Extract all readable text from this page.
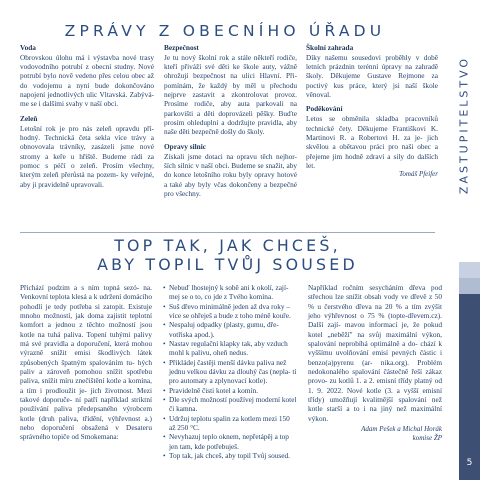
ZPRÁVY Z OBECNÍHO ÚŘADU

Voda

Obrovskou úlohu má i výstavba nové trasy vodovodního potrubí z obecní studny. Nové potrubí bylo nově vedeno přes celou obec až do vodojemu a nyní bude dokončováno napojení jednotlivých ulic Vltavská. Zabývá- me se i dalšími svahy v naší obci.

Zeleň

Letošní rok je pro nás zeleň opravdu pří- hodný. Technická četa sekla více trávy a obnovovala trávníky, zasázeli jsme nové stromy a keře u hřiště. Budeme rádi za pomoc s péčí o zeleň. Prosím všechny, kterým zeleň přerůstá na pozem- ky veřejné, aby ji pravidelně upravovali.

Bezpečnost

Je tu nový školní rok a stále někteří rodiče, kteří přiváží své děti ke škole auty, vážně ohrožují bezpečnost na ulici Hlavní. Při- pomínám, že každý by měl u přechodu nejprve zastavit a zkontrolovat provoz. Prosíme rodiče, aby auta parkovali na parkovišti a děti doprovázeli pěšky. Buďte prosím ohleduplní a dodržujte pravidla, aby naše děti bezpečně došly do školy.

Opravy silnic

Získali jsme dotaci na opravu těch nejhor- ších silnic v naší obci. Budeme se snažit, aby do konce letošního roku byly opravy hotové a také aby byly včas dokončeny a bezpečné pro všechny.

Školní zahrada

Díky našemu sousedovi proběhly v době letních prázdnin terénní úpravy na zahradě školy. Děkujeme Gustave Rejmone za poctivý kus práce, který jsi naší škole věnoval.

Poděkování

Letos se obměnila skladba pracovníků technické čety. Děkujeme Františkovi K. Martinovi R. a Robertovi H. za je- jich skvělou a obětavou práci pro naši obec a přejeme jim hodně zdraví a sily do dalších let.

Tomáš Pfeifer ZASTUPITELSTVO
5
TOP TAK, JAK CHCEŠ,
ABY TOPIL TVŮJ SOUSED

Přichází podzim a s ním topná sezó- na. Venkovní teplota klesá a k udržení domácího pohodlí je tedy potřeba si zatopit. Existuje mnoho možností, jak doma zajistit teplotní komfort a jednou z těchto možností jsou kotle na tuhá paliva. Topení tuhými palivy má své pravidla a doporučení, která mohou výrazně snížit emisi škodlivých látek způsobených špatným spalováním tu- hých paliv a zároveň pomohou snížit spotřebu paliva, snížit míru znečištění kotle a komína, a tím i prodloužit je- jich životnost. Mezi takové doporuče- ní patří například striktní používání paliva předepsaného výrobcem kotle (druh paliva, třídění, výhřevnost a.) nebo doporučení obsažená v Desateru správného topiče od Smokemana:

• Nebuď lhostejný k sobě ani k okolí, zají- mej se o to, co jde z Tvého komína.
• Suš dřevo minimálně jeden až dva roky – více se ohřeješ a bude z toho méně kouře.
• Nespaluj odpadky (plasty, gumu, dře- votřiska apod.).
• Nastav regulační klapky tak, aby vzduch mohl k palivu, oheň nedus.
• Přikládej častěji menší dávku paliva než jednu velkou dávku za dlouhý čas (nepla- tí pro automaty a zplynovací kotle).
• Pravidelně čisti kotel a komín.
• Dle svých možností používej moderní kotel či kamna.
• Udržuj teplotu spalin za kotlem mezi 150 až 250 °C.
• Nevyhazuj teplo oknem, nepřetápěj a top jen tam, kde potřebuješ.
• Top tak, jak chceš, aby topil Tvůj soused.

Například ročním sesycháním dřeva pod střechou lze snížit obsah vody ve dřevě z 50 % u čerstvého dřeva na 20 % a tím zvýšit jeho výhřevnost o 75 % (topte-dřevem.cz). Další zají- mavou informací je, že pokud kotel „neběží" na svůj maximální výkon, spalování neprobíhá optimálně a do- chází k vyššímu uvolňování emisí pevných částic i benzo(a)pyrenu (ar- nika.org). Problém nedokonalého spalování částečně řeší zákaz provo- zu kotlů 1. a 2. emisní třídy platný od 1. 9. 2022. Nové kotle (3. a vyšší emisní třídy) umožňují kvalitnější spalování než kotle starší a to i na jiný než maximální výkon.

Adam Pešek a Michal Horák

komise ŽP
